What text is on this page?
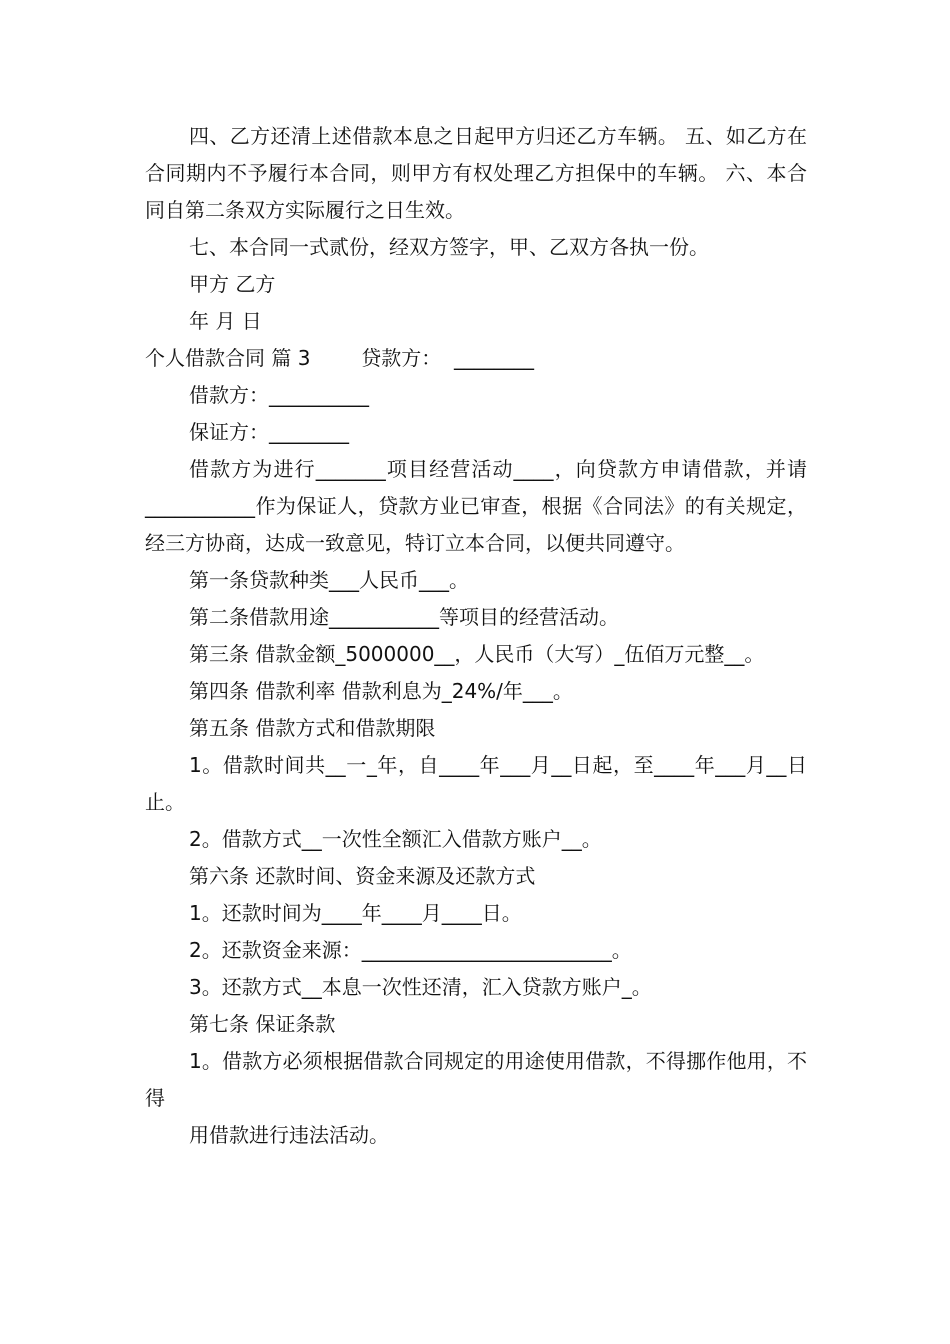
四、乙方还清上述借款本息之日起甲方归还乙方车辆。 五、如乙方在合同期内不予履行本合同，则甲方有权处理乙方担保中的车辆。 六、本合同自第二条双方实际履行之日生效。

七、本合同一式贰份，经双方签字，甲、乙双方各执一份。

甲方 乙方

年 月 日

个人借款合同 篇 3        贷款方：  ________

借款方：__________

保证方：________

借款方为进行_______项目经营活动____，向贷款方申请借款，并请___________作为保证人，贷款方业已审查，根据《合同法》的有关规定，经三方协商，达成一致意见，特订立本合同，以便共同遵守。

第一条贷款种类___人民币___。

第二条借款用途___________等项目的经营活动。

第三条 借款金额_5000000__，人民币（大写）_伍佰万元整__。

第四条 借款利率 借款利息为_24%/年___。

第五条 借款方式和借款期限

1。借款时间共__一_年，自____年___月__日起，至____年___月__日止。

2。借款方式__一次性全额汇入借款方账户__。

第六条 还款时间、资金来源及还款方式

1。还款时间为____年____月____日。

2。还款资金来源：_________________________。

3。还款方式__本息一次性还清，汇入贷款方账户_。

第七条 保证条款

1。借款方必须根据借款合同规定的用途使用借款，不得挪作他用，不得

用借款进行违法活动。
